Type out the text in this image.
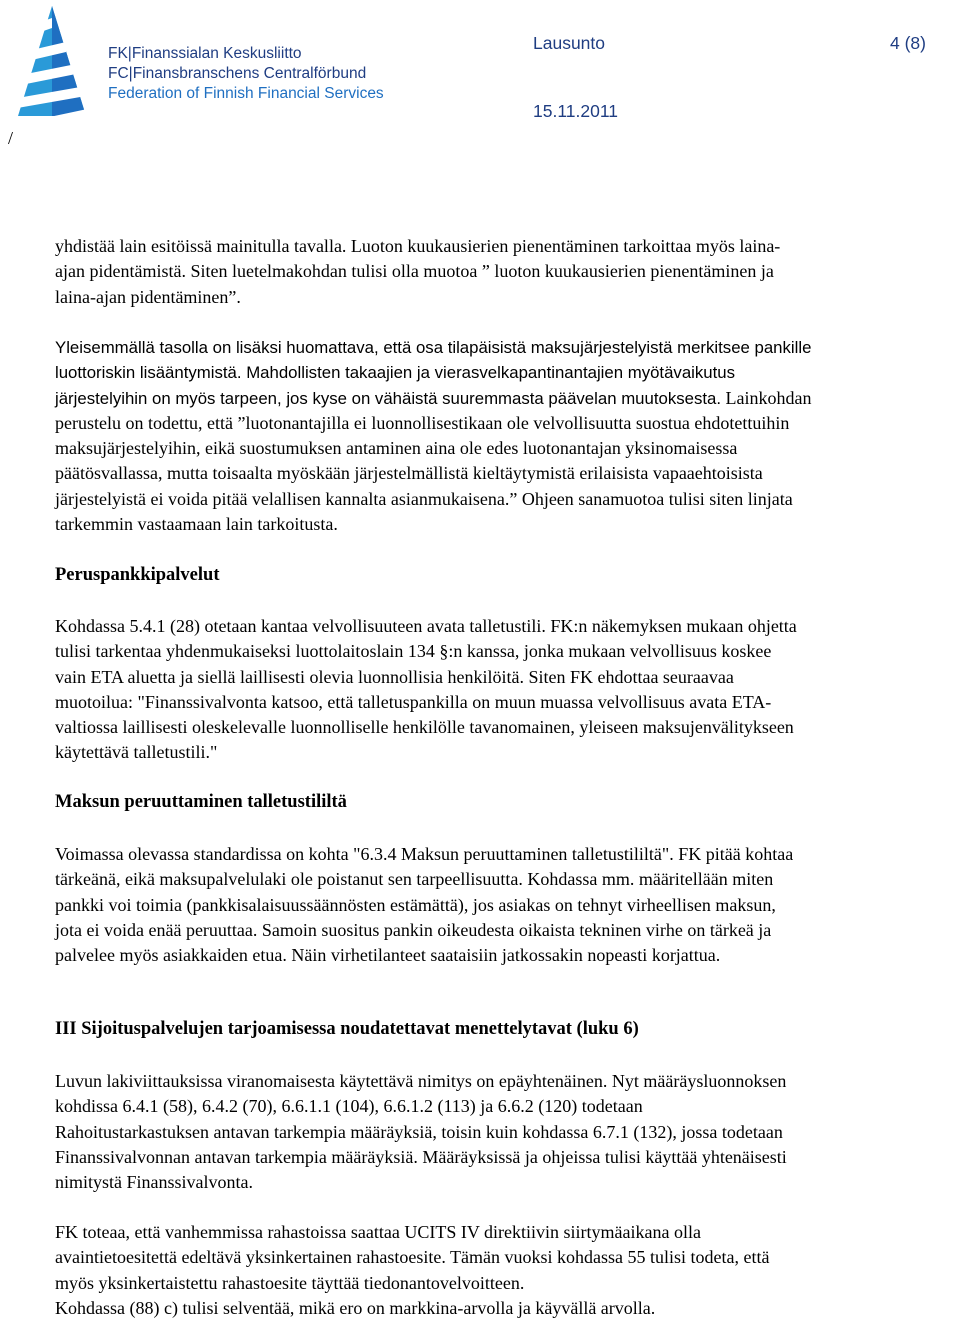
FK|Finanssialan Keskusliitto
FC|Finansbranschens Centralförbund
Federation of Finnish Financial Services
Lausunto	4 (8)
15.11.2011
/
yhdistää lain esitöissä mainitulla tavalla. Luoton kuukausierien pienentäminen tarkoittaa myös laina-
ajan pidentämistä. Siten luetelmakohdan tulisi olla muotoa ” luoton kuukausierien pienentäminen ja
laina-ajan pidentäminen”.
Yleisemmällä tasolla on lisäksi huomattava, että osa tilapäisistä maksujärjestelyistä merkitsee pankille
luottoriskin lisääntymistä. Mahdollisten takaajien ja vierasvelkapantinantajien myötävaikutus
järjestelyihin on myös tarpeen, jos kyse on vähäistä suuremmasta päävelan muutoksesta. Lainkohdan
perustelu on todettu, että ”luotonantajilla ei luonnollisestikaan ole velvollisuutta suostua ehdotettuihin
maksujärjestelyihin, eikä suostumuksen antaminen aina ole edes luotonantajan yksinomaisessa
päätösvallassa, mutta toisaalta myöskään järjestelmällistä kieltäytymistä erilaisista vapaaehtoisista
järjestelyistä ei voida pitää velallisen kannalta asianmukaisena.” Ohjeen sanamuotoa tulisi siten linjata
tarkemmin vastaamaan lain tarkoitusta.
Peruspankkipalvelut
Kohdassa 5.4.1 (28) otetaan kantaa velvollisuuteen avata talletustili. FK:n näkemyksen mukaan ohjetta
tulisi tarkentaa yhdenmukaiseksi luottolaitoslain 134 §:n kanssa, jonka mukaan velvollisuus koskee
vain ETA aluetta ja siellä laillisesti olevia luonnollisia henkilöitä. Siten FK ehdottaa seuraavaa
muotoilua: "Finanssivalvonta katsoo, että talletuspankilla on muun muassa velvollisuus avata ETA-
valtiossa laillisesti oleskelevalle luonnolliselle henkilölle tavanomainen, yleiseen maksujenvälitykseen
käytettävä talletustili."
Maksun peruuttaminen talletustililtä
Voimassa olevassa standardissa on kohta "6.3.4 Maksun peruuttaminen talletustililtä". FK pitää kohtaa
tärkeänä, eikä maksupalvelulaki ole poistanut sen tarpeellisuutta. Kohdassa mm. määritellään miten
pankki voi toimia (pankkisalaisuussäännösten estämättä), jos asiakas on tehnyt virheellisen maksun,
jota ei voida enää peruuttaa. Samoin suositus pankin oikeudesta oikaista tekninen virhe on tärkeä ja
palvelee myös asiakkaiden etua. Näin virhetilanteet saataisiin jatkossakin nopeasti korjattua.
III Sijoituspalvelujen tarjoamisessa noudatettavat menettelytavat (luku 6)
Luvun lakiviittauksissa viranomaisesta käytettävä nimitys on epäyhtenäinen. Nyt määräysluonnoksen
kohdissa 6.4.1 (58), 6.4.2 (70), 6.6.1.1 (104), 6.6.1.2 (113) ja 6.6.2 (120) todetaan
Rahoitustarkastuksen antavan tarkempia määräyksiä, toisin kuin kohdassa 6.7.1 (132), jossa todetaan
Finanssivalvonnan antavan tarkempia määräyksiä. Määräyksissä ja ohjeissa tulisi käyttää yhtenäisesti
nimitystä Finanssivalvonta.
FK toteaa, että vanhemmissa rahastoissa saattaa UCITS IV direktiivin siirtymäaikana olla
avaintietoesitettä edeltävä yksinkertainen rahastoesite. Tämän vuoksi kohdassa 55 tulisi todeta, että
myös yksinkertaistettu rahastoesite täyttää tiedonantovelvoitteen.
Kohdassa (88) c) tulisi selventää, mikä ero on markkina-arvolla ja käyvällä arvolla.
